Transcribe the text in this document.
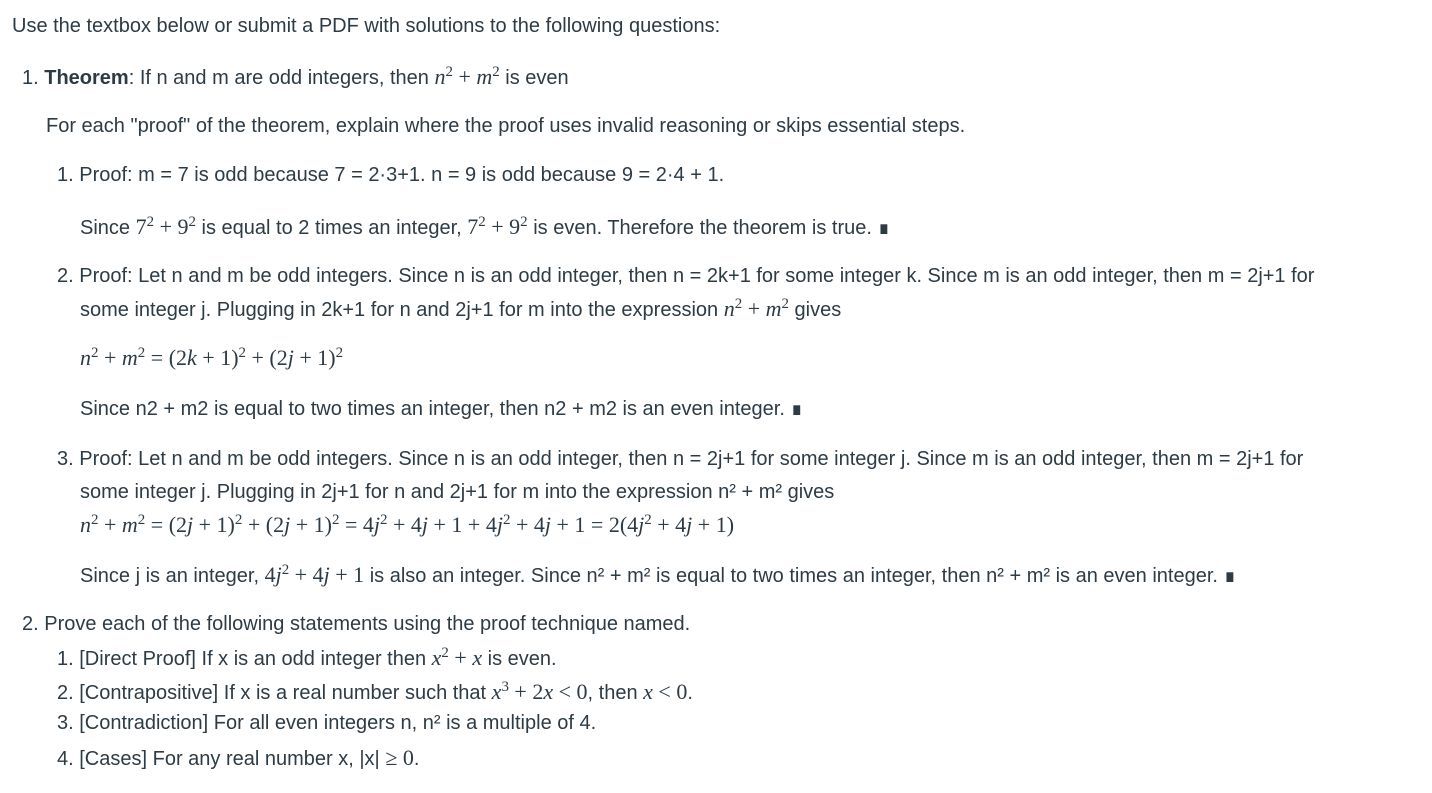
Use the textbox below or submit a PDF with solutions to the following questions:
1. Theorem: If n and m are odd integers, then $n^2 + m^2$ is even
For each "proof" of the theorem, explain where the proof uses invalid reasoning or skips essential steps.
1. Proof: m = 7 is odd because 7 = 2·3+1. n = 9 is odd because 9 = 2·4 + 1.
Since $7^2 + 9^2$ is equal to 2 times an integer, $7^2 + 9^2$ is even. Therefore the theorem is true. ∎
2. Proof: Let n and m be odd integers. Since n is an odd integer, then n = 2k+1 for some integer k. Since m is an odd integer, then m = 2j+1 for
some integer j. Plugging in 2k+1 for n and 2j+1 for m into the expression $n^2 + m^2$ gives
$n^2 + m^2 = (2k + 1)^2 + (2j + 1)^2$
Since n2 + m2 is equal to two times an integer, then n2 + m2 is an even integer. ∎
3. Proof: Let n and m be odd integers. Since n is an odd integer, then n = 2j+1 for some integer j. Since m is an odd integer, then m = 2j+1 for
some integer j. Plugging in 2j+1 for n and 2j+1 for m into the expression n² + m² gives
$n^2 + m^2 = (2j + 1)^2 + (2j + 1)^2 = 4j^2 + 4j + 1 + 4j^2 + 4j + 1 = 2(4j^2 + 4j + 1)$
Since j is an integer, $4j^2 + 4j + 1$ is also an integer. Since n² + m² is equal to two times an integer, then n² + m² is an even integer. ∎
2. Prove each of the following statements using the proof technique named.
1. [Direct Proof] If x is an odd integer then $x^2 + x$ is even.
2. [Contrapositive] If x is a real number such that $x^3 + 2x < 0$, then x < 0.
3. [Contradiction] For all even integers n, n² is a multiple of 4.
4. [Cases] For any real number x, |x| ≥ 0.
